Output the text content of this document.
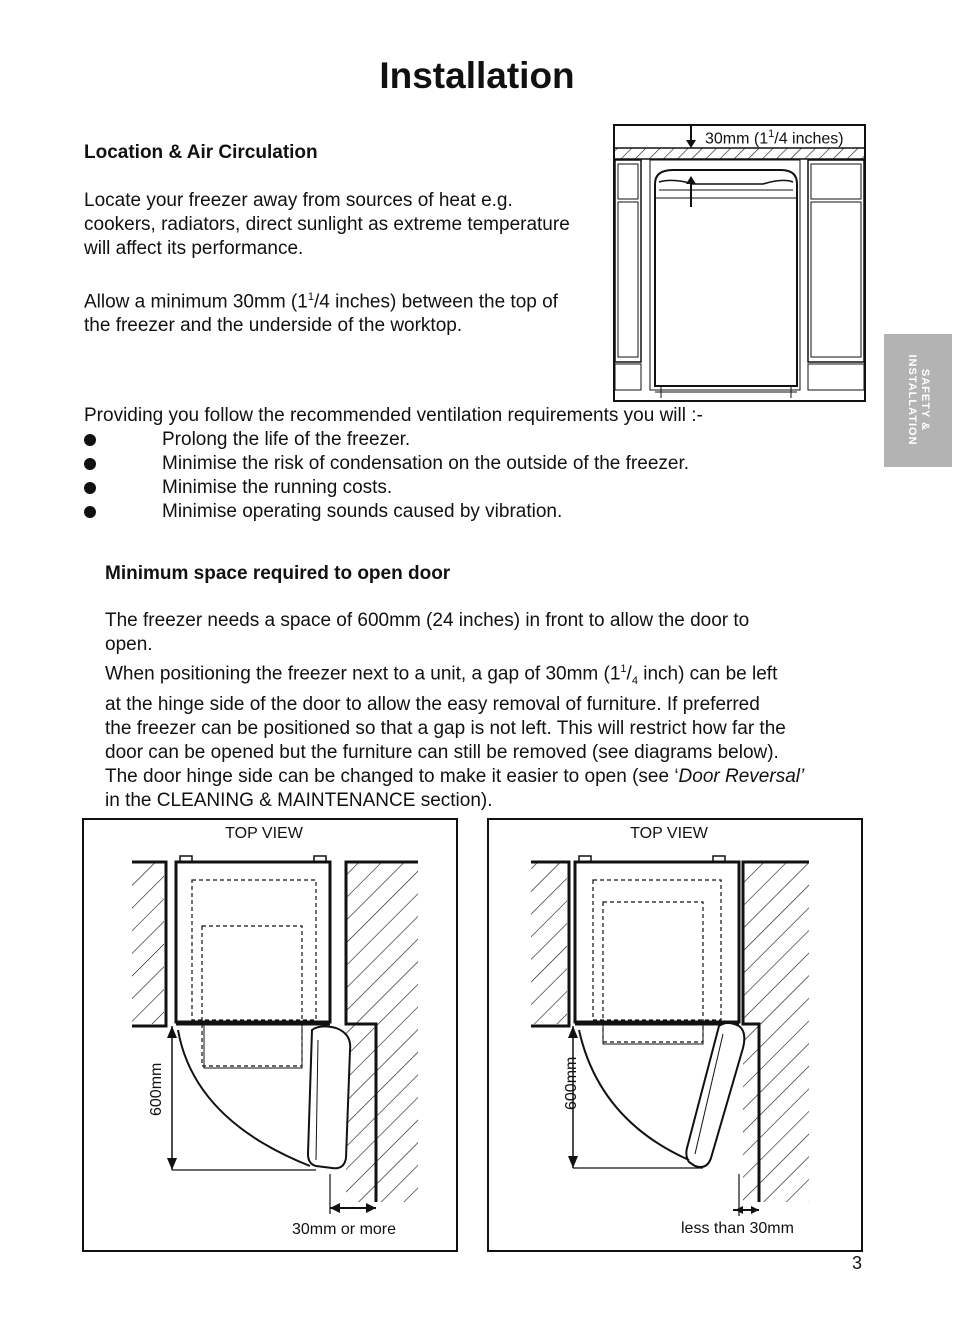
Installation
SAFETY &
INSTALLATION
Location & Air Circulation
Locate your freezer away from sources of heat e.g.
cookers, radiators, direct sunlight as extreme temperature
will affect its performance.
Allow a minimum 30mm ($1^1/4$ inches) between the top of
the freezer and the underside of the worktop.
30mm ($1^1/4$ inches)
Providing you follow the recommended ventilation requirements you will :-
Prolong the life of the freezer.
Minimise the risk of condensation on the outside of the freezer.
Minimise the running costs.
Minimise operating sounds caused by vibration.
Minimum space required to open door
The freezer needs a space of 600mm (24 inches) in front to allow the door to
open.
When positioning the freezer next to a unit, a gap of 30mm ($1^1/_4$ inch) can be left
at the hinge side of the door to allow the easy removal of furniture. If preferred
the freezer can be positioned so that a gap is not left. This will restrict how far the
door can be opened but the furniture can still be removed (see diagrams below).
The door hinge side can be changed to make it easier to open (see ‘Door Reversal’
in the CLEANING & MAINTENANCE section).
TOP VIEW
600mm
30mm or more
TOP VIEW
600mm
less than 30mm
3
